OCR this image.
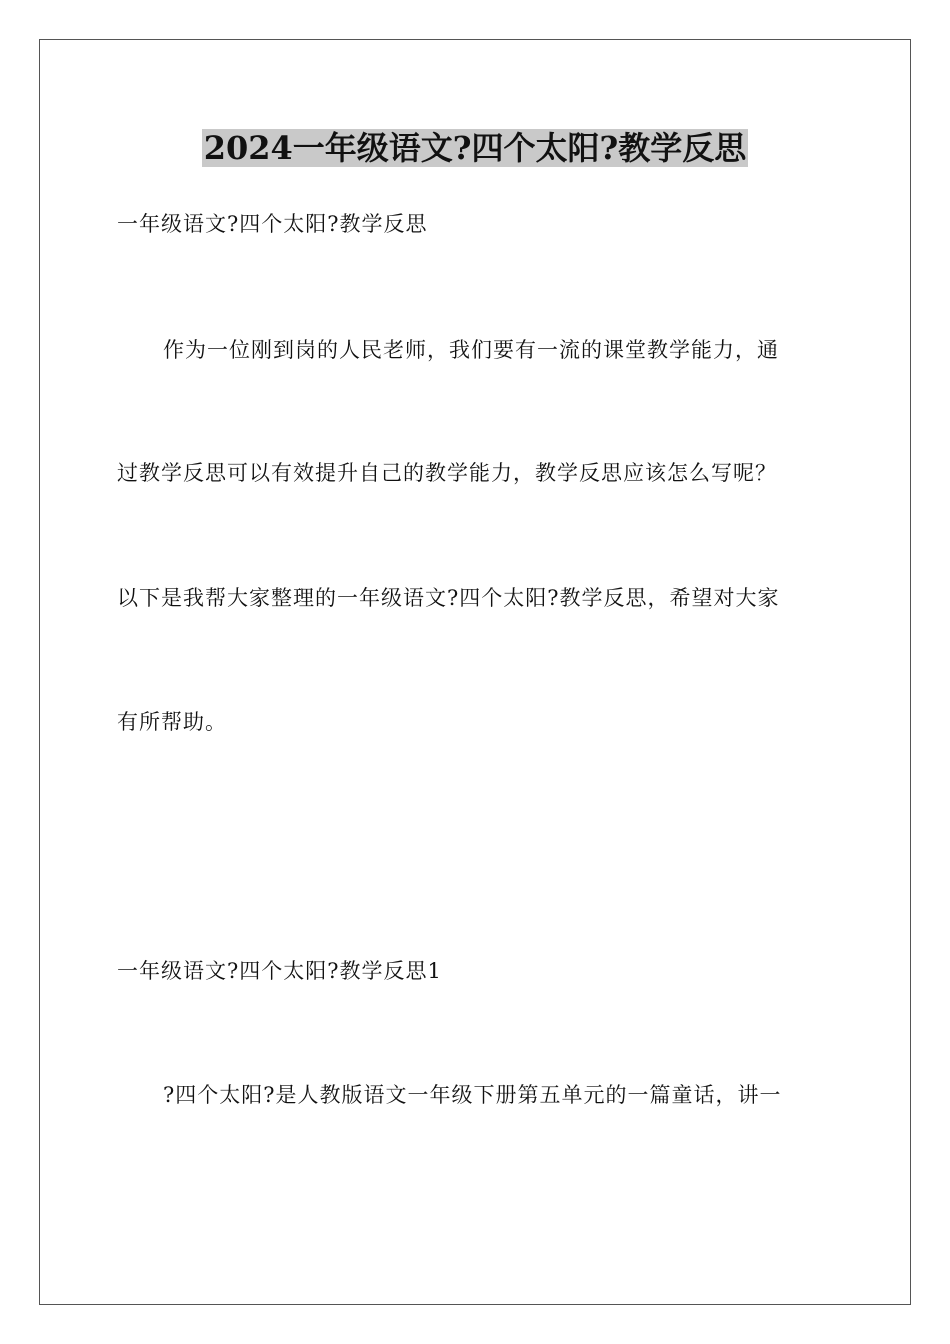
2024一年级语文?四个太阳?教学反思

一年级语文?四个太阳?教学反思

作为一位刚到岗的人民老师，我们要有一流的课堂教学能力，通

过教学反思可以有效提升自己的教学能力，教学反思应该怎么写呢？

以下是我帮大家整理的一年级语文?四个太阳?教学反思，希望对大家

有所帮助。

一年级语文?四个太阳?教学反思1

?四个太阳?是人教版语文一年级下册第五单元的一篇童话，讲一
